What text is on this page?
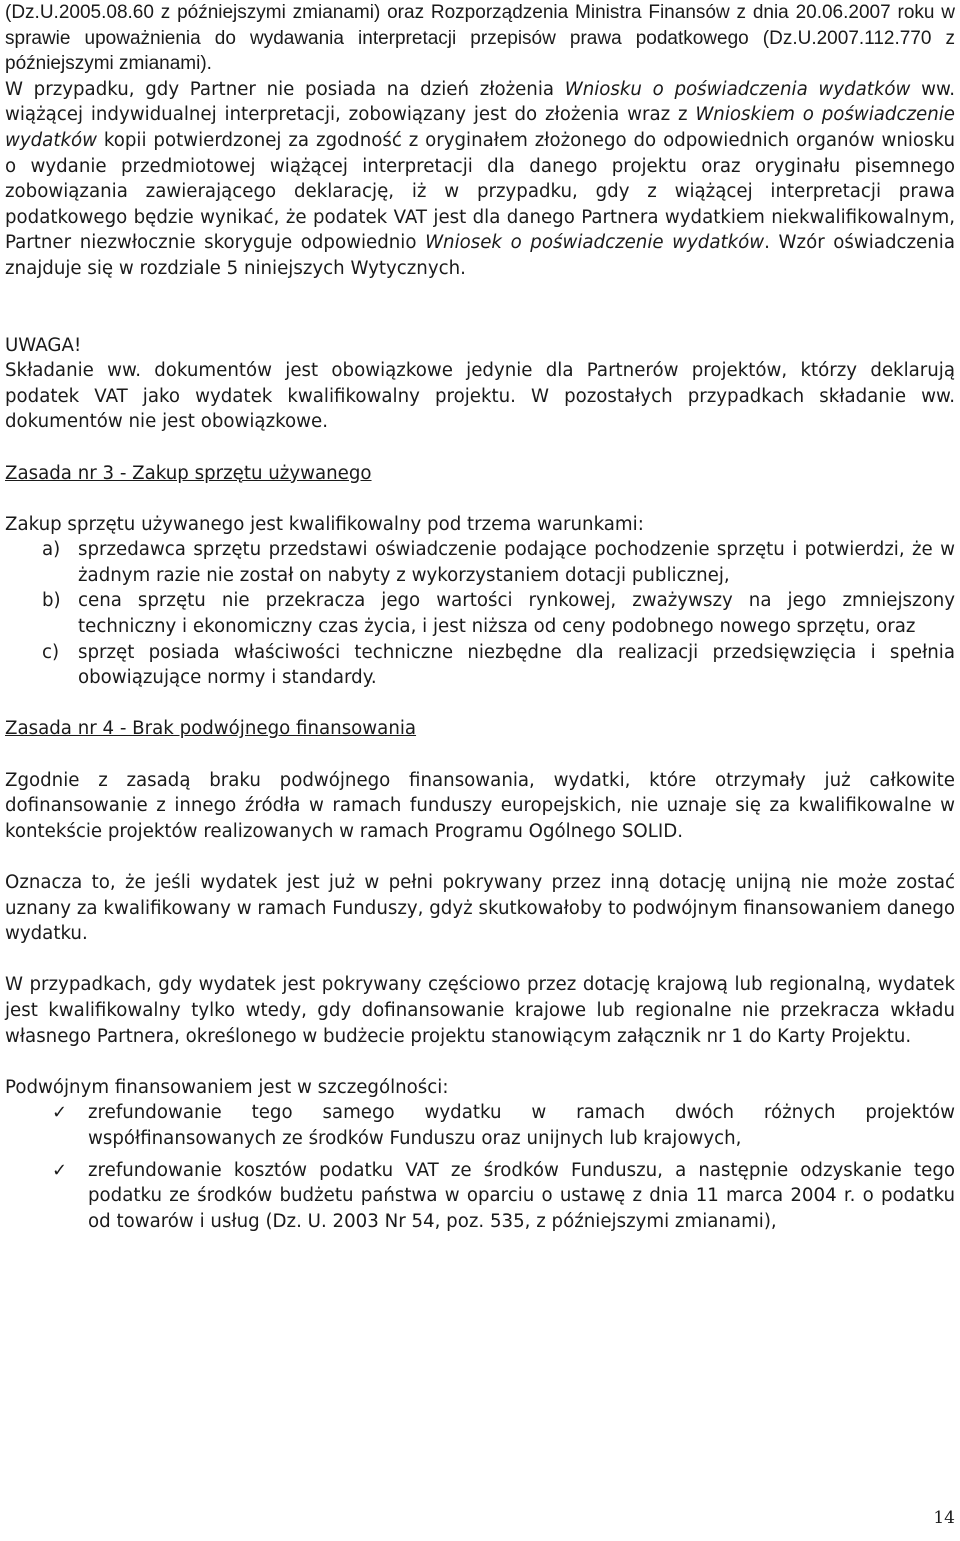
(Dz.U.2005.08.60 z późniejszymi zmianami) oraz Rozporządzenia Ministra Finansów z dnia 20.06.2007 roku w sprawie upoważnienia do wydawania interpretacji przepisów prawa podatkowego (Dz.U.2007.112.770 z późniejszymi zmianami).

W przypadku, gdy Partner nie posiada na dzień złożenia Wniosku o poświadczenia wydatków ww. wiążącej indywidualnej interpretacji, zobowiązany jest do złożenia wraz z Wnioskiem o poświadczenie wydatków kopii potwierdzonej za zgodność z oryginałem złożonego do odpowiednich organów wniosku o wydanie przedmiotowej wiążącej interpretacji dla danego projektu oraz oryginału pisemnego zobowiązania zawierającego deklarację, iż w przypadku, gdy z wiążącej interpretacji prawa podatkowego będzie wynikać, że podatek VAT jest dla danego Partnera wydatkiem niekwalifikowalnym, Partner niezwłocznie skoryguje odpowiednio Wniosek o poświadczenie wydatków. Wzór oświadczenia znajduje się w rozdziale 5 niniejszych Wytycznych.

UWAGA!

Składanie ww. dokumentów jest obowiązkowe jedynie dla Partnerów projektów, którzy deklarują podatek VAT jako wydatek kwalifikowalny projektu. W pozostałych przypadkach składanie ww. dokumentów nie jest obowiązkowe.

Zasada nr 3 - Zakup sprzętu używanego

Zakup sprzętu używanego jest kwalifikowalny pod trzema warunkami:

a) sprzedawca sprzętu przedstawi oświadczenie podające pochodzenie sprzętu i potwierdzi, że w żadnym razie nie został on nabyty z wykorzystaniem dotacji publicznej,
b) cena sprzętu nie przekracza jego wartości rynkowej, zważywszy na jego zmniejszony techniczny i ekonomiczny czas życia, i jest niższa od ceny podobnego nowego sprzętu, oraz
c) sprzęt posiada właściwości techniczne niezbędne dla realizacji przedsięwzięcia i spełnia obowiązujące normy i standardy.

Zasada nr 4 - Brak podwójnego finansowania

Zgodnie z zasadą braku podwójnego finansowania, wydatki, które otrzymały już całkowite dofinansowanie z innego źródła w ramach funduszy europejskich, nie uznaje się za kwalifikowalne w kontekście projektów realizowanych w ramach Programu Ogólnego SOLID.

Oznacza to, że jeśli wydatek jest już w pełni pokrywany przez inną dotację unijną nie może zostać uznany za kwalifikowany w ramach Funduszy, gdyż skutkowałoby to podwójnym finansowaniem danego wydatku.

W przypadkach, gdy wydatek jest pokrywany częściowo przez dotację krajową lub regionalną, wydatek jest kwalifikowalny tylko wtedy, gdy dofinansowanie krajowe lub regionalne nie przekracza wkładu własnego Partnera, określonego w budżecie projektu stanowiącym załącznik nr 1 do Karty Projektu.

Podwójnym finansowaniem jest w szczególności:

✓ zrefundowanie tego samego wydatku w ramach dwóch różnych projektów współfinansowanych ze środków Funduszu oraz unijnych lub krajowych,
✓ zrefundowanie kosztów podatku VAT ze środków Funduszu, a następnie odzyskanie tego podatku ze środków budżetu państwa w oparciu o ustawę z dnia 11 marca 2004 r. o podatku od towarów i usług (Dz. U. 2003 Nr 54, poz. 535, z późniejszymi zmianami),
14
